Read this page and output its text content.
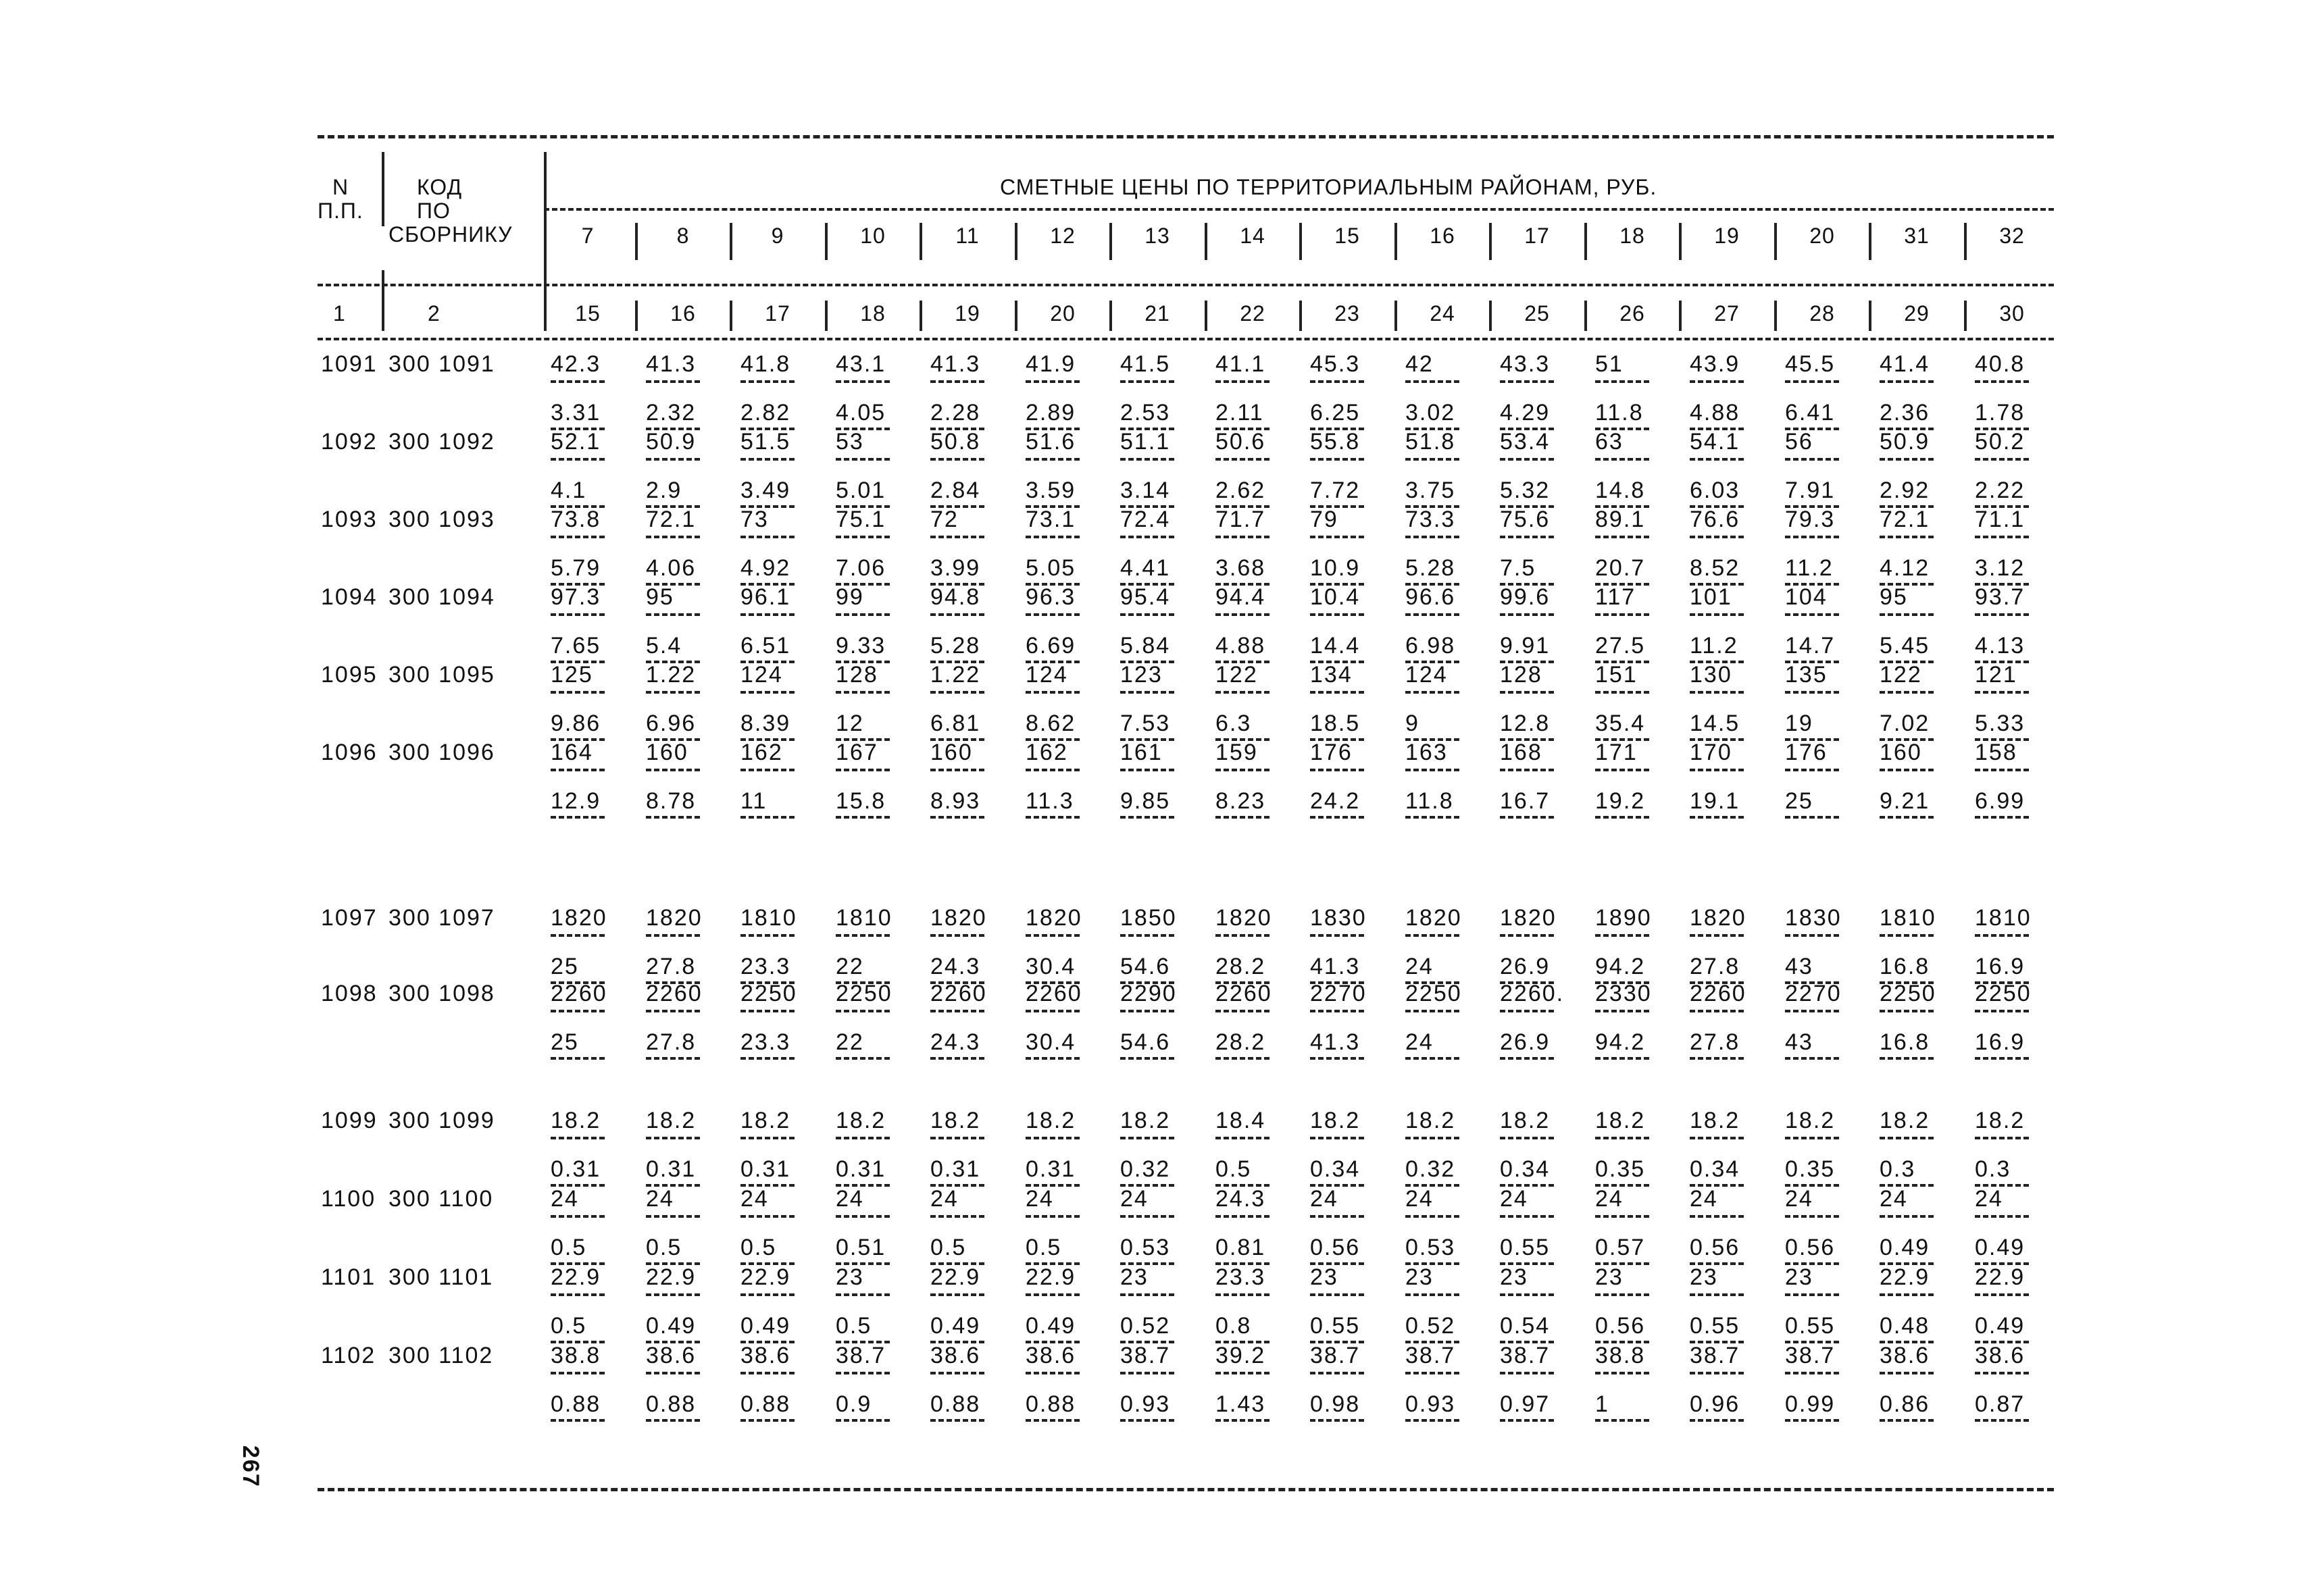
N
П.П.
КОД
ПО
СБОРНИКУ
СМЕТНЫЕ ЦЕНЫ ПО ТЕРРИТОРИАЛЬНЫМ РАЙОНАМ, РУБ.
7
15
8
16
9
17
10
18
11
19
12
20
13
21
14
22
15
23
16
24
17
25
18
26
19
27
20
28
31
29
32
30
1	2
1091 300 1091 42.3
3.31
41.3
2.32
41.8
2.82
43.1
4.05
41.3
2.28
41.9
2.89
41.5
2.53
41.1
2.11
45.3
6.25
42
3.02
43.3
4.29
51
11.8
43.9
4.88
45.5
6.41
41.4
2.36
40.8
1.78
1092 300 1092 52.1
4.1
50.9
2.9
51.5
3.49
53
5.01
50.8
2.84
51.6
3.59
51.1
3.14
50.6
2.62
55.8
7.72
51.8
3.75
53.4
5.32
63
14.8
54.1
6.03
56
7.91
50.9
2.92
50.2
2.22
1093 300 1093 73.8
5.79
72.1
4.06
73
4.92
75.1
7.06
72
3.99
73.1
5.05
72.4
4.41
71.7
3.68
79
10.9
73.3
5.28
75.6
7.5
89.1
20.7
76.6
8.52
79.3
11.2
72.1
4.12
71.1
3.12
1094 300 1094 97.3
7.65
95
5.4
96.1
6.51
99
9.33
94.8
5.28
96.3
6.69
95.4
5.84
94.4
4.88
10.4
14.4
96.6
6.98
99.6
9.91
117
27.5
101
11.2
104
14.7
95
5.45
93.7
4.13
1095 300 1095 125
9.86
1.22
6.96
124
8.39
128
12
1.22
6.81
124
8.62
123
7.53
122
6.3
134
18.5
124
9
128
12.8
151
35.4
130
14.5
135
19
122
7.02
121
5.33
1096 300 1096 164
12.9
160
8.78
162
11
167
15.8
160
8.93
162
11.3
161
9.85
159
8.23
176
24.2
163
11.8
168
16.7
171
19.2
170
19.1
176
25
160
9.21
158
6.99
1097 300 1097 1820
25
1820
27.8
1810
23.3
1810
22
1820
24.3
1820
30.4
1850
54.6
1820
28.2
1830
41.3
1820
24
1820
26.9
1890
94.2
1820
27.8
1830
43
1810
16.8
1810
16.9
1098 300 1098 2260
25
2260
27.8
2250
23.3
2250
22
2260
24.3
2260
30.4
2290
54.6
2260
28.2
2270
41.3
2250
24
2260.
26.9
2330
94.2
2260
27.8
2270
43
2250
16.8
2250
16.9
1099 300 1099 18.2
0.31
18.2
0.31
18.2
0.31
18.2
0.31
18.2
0.31
18.2
0.31
18.2
0.32
18.4
0.5
18.2
0.34
18.2
0.32
18.2
0.34
18.2
0.35
18.2
0.34
18.2
0.35
18.2
0.3
18.2
0.3
1100 300 1100 24
0.5
24
0.5
24
0.5
24
0.51
24
0.5
24
0.5
24
0.53
24.3
0.81
24
0.56
24
0.53
24
0.55
24
0.57
24
0.56
24
0.56
24
0.49
24
0.49
1101 300 1101 22.9
0.5
22.9
0.49
22.9
0.49
23
0.5
22.9
0.49
22.9
0.49
23
0.52
23.3
0.8
23
0.55
23
0.52
23
0.54
23
0.56
23
0.55
23
0.55
22.9
0.48
22.9
0.49
1102 300 1102 38.8
0.88
38.6
0.88
38.6
0.88
38.7
0.9
38.6
0.88
38.6
0.88
38.7
0.93
39.2
1.43
38.7
0.98
38.7
0.93
38.7
0.97
38.8
1
38.7
0.96
38.7
0.99
38.6
0.86
38.6
0.87
267
